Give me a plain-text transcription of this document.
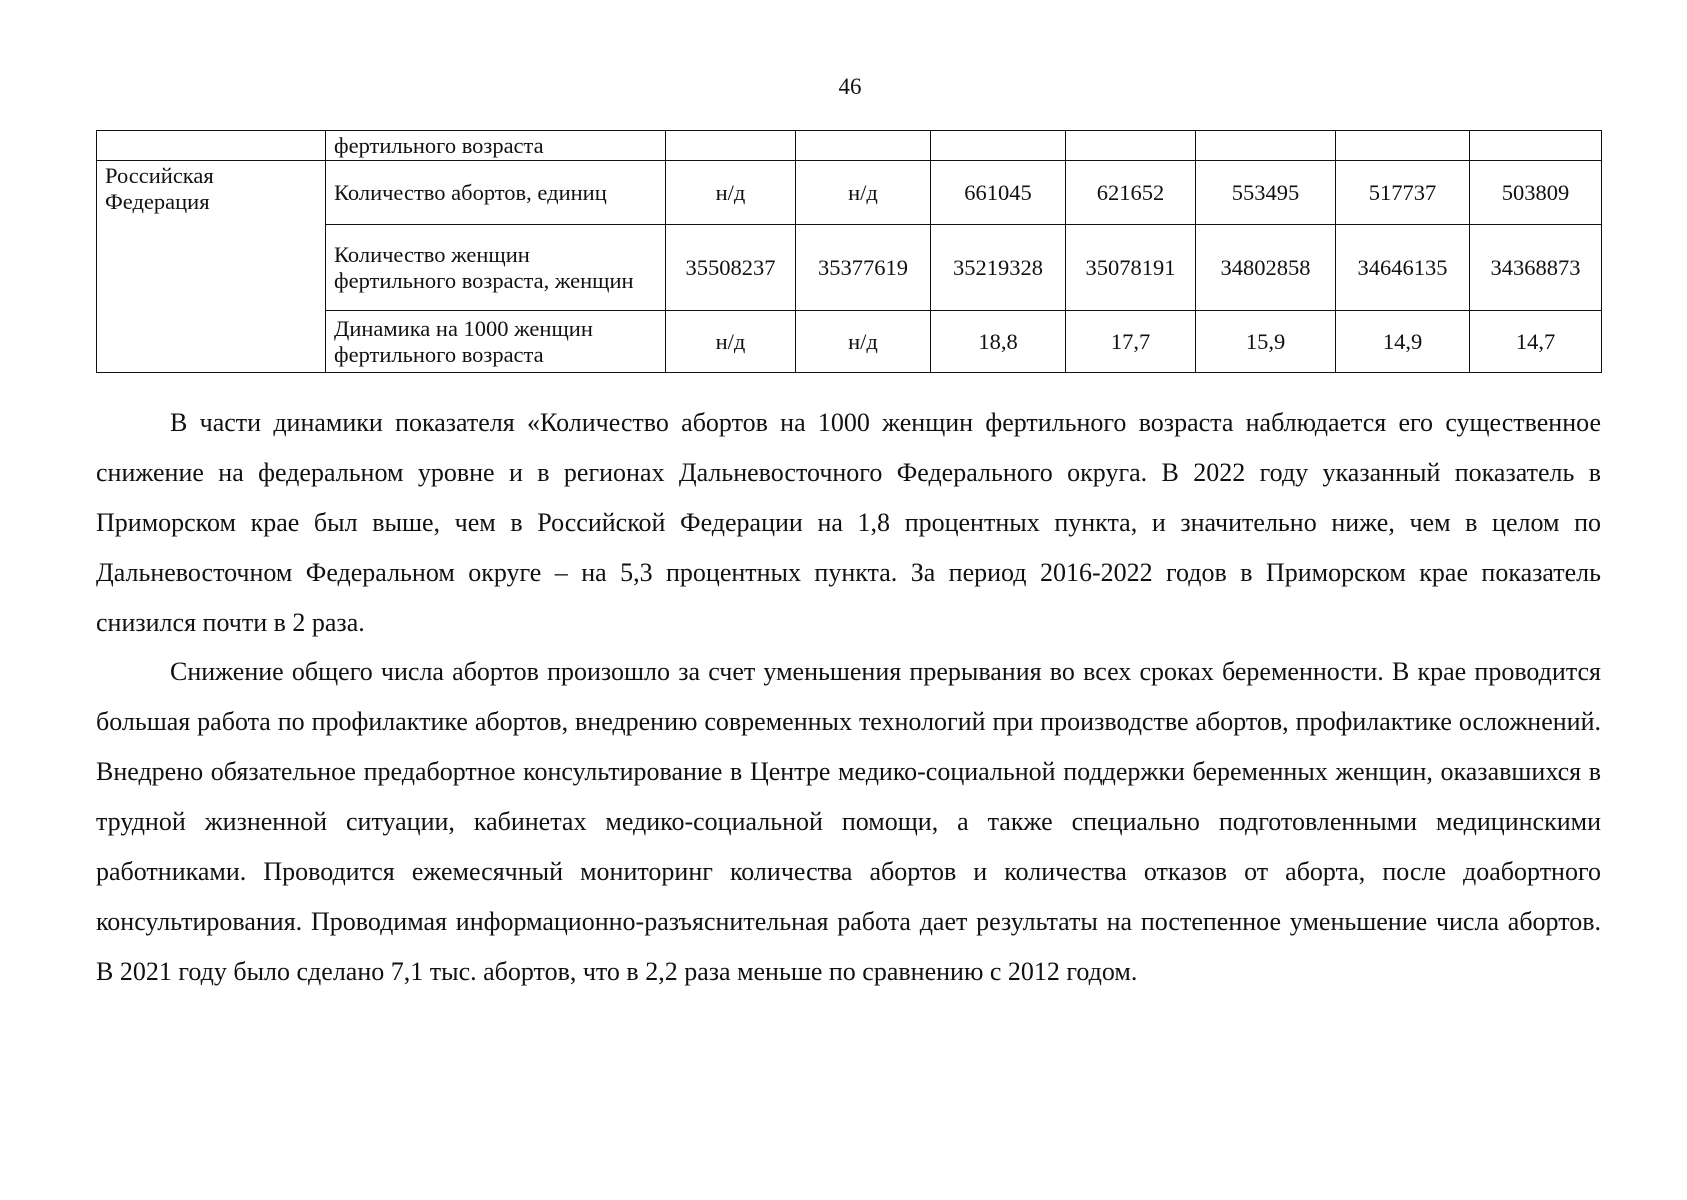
46
	фертильного возраста							
Российская Федерация	Количество абортов, единиц	н/д	н/д	661045	621652	553495	517737	503809
	Количество женщин фертильного возраста, женщин	35508237	35377619	35219328	35078191	34802858	34646135	34368873
	Динамика на 1000 женщин фертильного возраста	н/д	н/д	18,8	17,7	15,9	14,9	14,7

В части динамики показателя «Количество абортов на 1000 женщин фертильного возраста наблюдается его существенное снижение на федеральном уровне и в регионах Дальневосточного Федерального округа. В 2022 году указанный показатель в Приморском крае был выше, чем в Российской Федерации на 1,8 процентных пункта, и значительно ниже, чем в целом по Дальневосточном Федеральном округе – на 5,3 процентных пункта. За период 2016-2022 годов в Приморском крае показатель снизился почти в 2 раза.

Снижение общего числа абортов произошло за счет уменьшения прерывания во всех сроках беременности. В крае проводится большая работа по профилактике абортов, внедрению современных технологий при производстве абортов, профилактике осложнений. Внедрено обязательное предабортное консультирование в Центре медико-социальной поддержки беременных женщин, оказавшихся в трудной жизненной ситуации, кабинетах медико-социальной помощи, а также специально подготовленными медицинскими работниками. Проводится ежемесячный мониторинг количества абортов и количества отказов от аборта, после доабортного консультирования. Проводимая информационно-разъяснительная работа дает результаты на постепенное уменьшение числа абортов. В 2021 году было сделано 7,1 тыс. абортов, что в 2,2 раза меньше по сравнению с 2012 годом.
